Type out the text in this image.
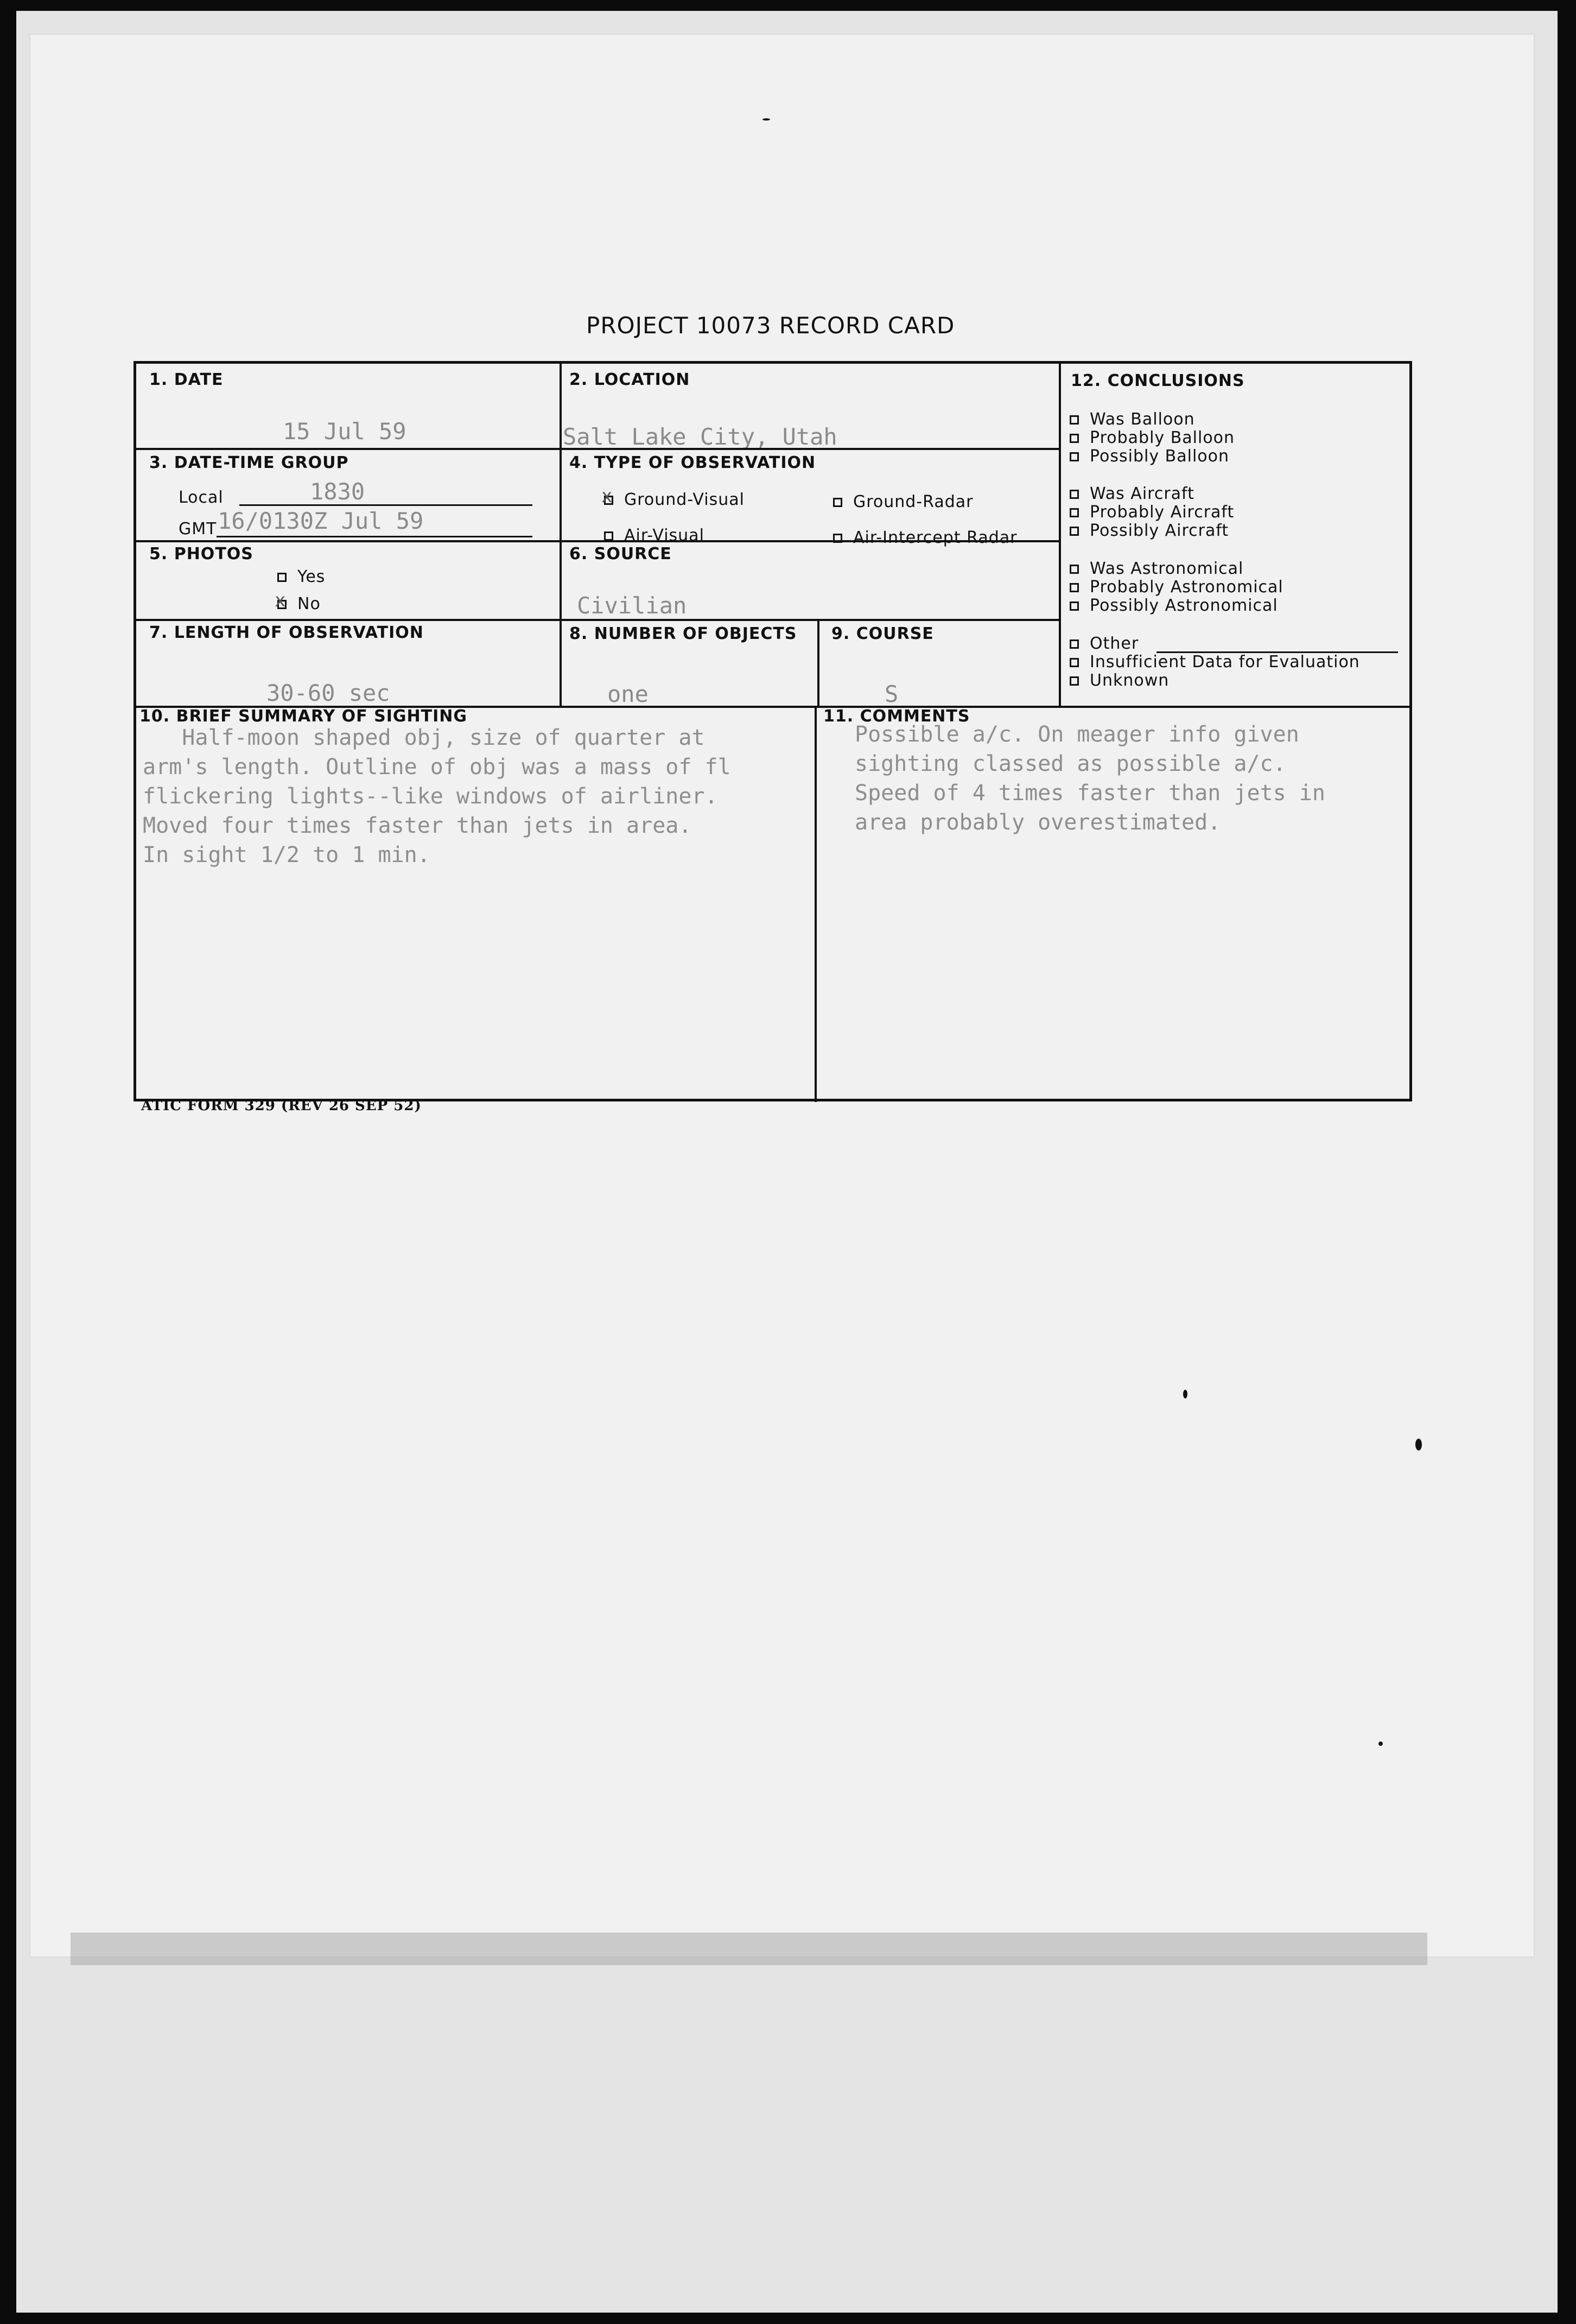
PROJECT 10073 RECORD CARD
1. DATE
15 Jul 59
2. LOCATION
Salt Lake City, Utah
3. DATE-TIME GROUP
Local	1830
GMT 16/0130Z Jul 59
4. TYPE OF OBSERVATION
xGround-Visual	Ground-Radar
Air-Visual	Air-Intercept Radar
5. PHOTOS
Yes
xNo
6. SOURCE
Civilian
7. LENGTH OF OBSERVATION
30-60 sec
8. NUMBER OF OBJECTS
one
9. COURSE
S
12. CONCLUSIONS
10. BRIEF SUMMARY OF SIGHTING
Half-moon shaped obj, size of quarter at
arm's length. Outline of obj was a mass of fl
flickering lights--like windows of airliner.
Moved four times faster than jets in area.
In sight 1/2 to 1 min.
11. COMMENTS
Possible a/c. On meager info given
sighting classed as possible a/c.
Speed of 4 times faster than jets in
area probably overestimated.
Was Balloon
Probably Balloon
Possibly Balloon
Was Aircraft
Probably Aircraft
Possibly Aircraft
Was Astronomical
Probably Astronomical
Possibly Astronomical
Other
Insufficient Data for Evaluation
Unknown
ATIC FORM 329 (REV 26 SEP 52)
